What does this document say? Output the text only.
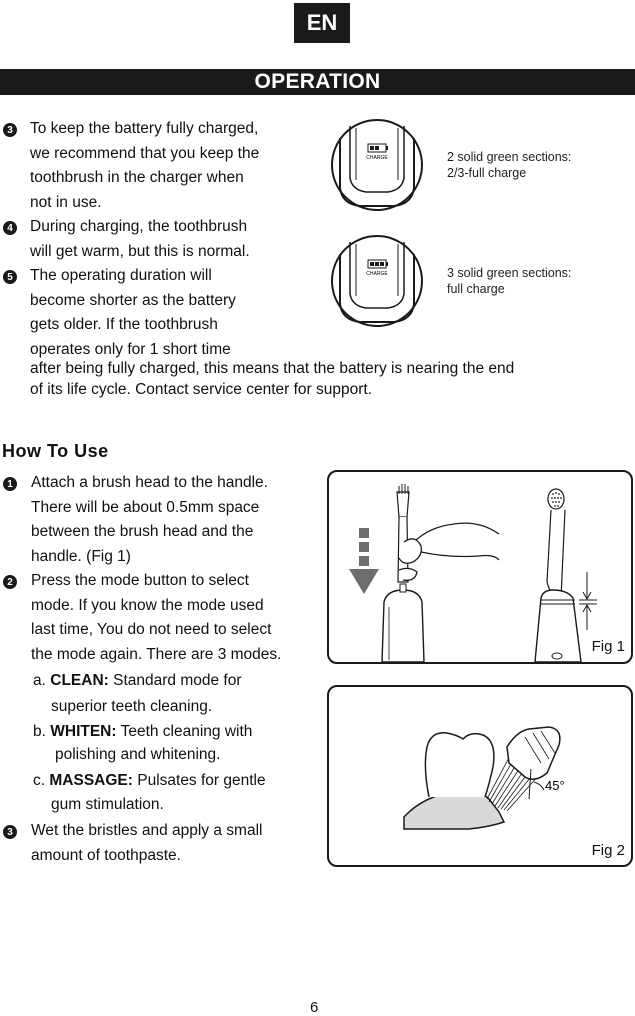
EN
OPERATION
3
4
5
To keep the battery fully charged,
we recommend that you keep the
toothbrush in the charger when
not in use.
During charging, the toothbrush
will get warm, but this is normal.
The operating duration will
become shorter as the battery
gets older. If the toothbrush
operates only for 1 short time
after being fully charged, this means that the battery is nearing the end
of its life cycle. Contact service center for support.
CHARGE	2 solid green sections:
2/3-full charge
CHARGE	3 solid green sections:
full charge
How To Use
1
2
3
Attach a brush head to the handle.
There will be about 0.5mm space
between the brush head and the
handle. (Fig 1)
Press the mode button to select
mode. If you know the mode used
last time, You do not need to select
the mode again. There are 3 modes.
a. CLEAN: Standard mode for
superior teeth cleaning.
b. WHITEN: Teeth cleaning with
polishing and whitening.
c. MASSAGE: Pulsates for gentle
gum stimulation.
Wet the bristles and apply a small
amount of toothpaste.
Fig 1
45°
Fig 2
6
